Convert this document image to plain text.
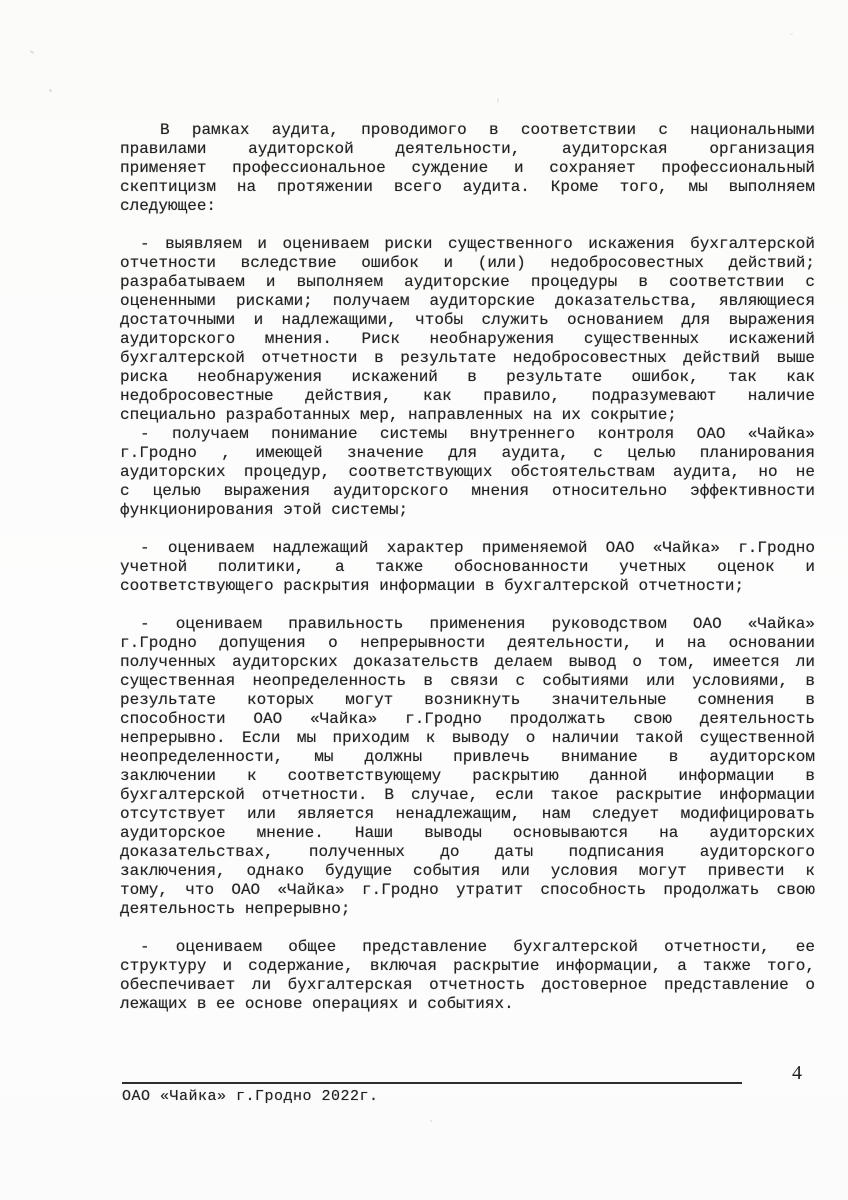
В рамках аудита, проводимого в соответствии с национальными
правилами аудиторской деятельности, аудиторская организация
применяет профессиональное суждение и сохраняет профессиональный
скептицизм на протяжении всего аудита. Кроме того, мы выполняем
следующее:
- выявляем и оцениваем риски существенного искажения бухгалтерской
отчетности вследствие ошибок и (или) недобросовестных действий;
разрабатываем и выполняем аудиторские процедуры в соответствии с
оцененными рисками; получаем аудиторские доказательства, являющиеся
достаточными и надлежащими, чтобы служить основанием для выражения
аудиторского мнения. Риск необнаружения существенных искажений
бухгалтерской отчетности в результате недобросовестных действий выше
риска необнаружения искажений в результате ошибок, так как
недобросовестные действия, как правило, подразумевают наличие
специально разработанных мер, направленных на их сокрытие;
- получаем понимание системы внутреннего контроля ОАО «Чайка»
г.Гродно , имеющей значение для аудита, с целью планирования
аудиторских процедур, соответствующих обстоятельствам аудита, но не
с целью выражения аудиторского мнения относительно эффективности
функционирования этой системы;
- оцениваем надлежащий характер применяемой ОАО «Чайка» г.Гродно
учетной политики, а также обоснованности учетных оценок и
соответствующего раскрытия информации в бухгалтерской отчетности;
- оцениваем правильность применения руководством ОАО «Чайка»
г.Гродно допущения о непрерывности деятельности, и на основании
полученных аудиторских доказательств делаем вывод о том, имеется ли
существенная неопределенность в связи с событиями или условиями, в
результате которых могут возникнуть значительные сомнения в
способности ОАО «Чайка» г.Гродно продолжать свою деятельность
непрерывно. Если мы приходим к выводу о наличии такой существенной
неопределенности, мы должны привлечь внимание в аудиторском
заключении к соответствующему раскрытию данной информации в
бухгалтерской отчетности. В случае, если такое раскрытие информации
отсутствует или является ненадлежащим, нам следует модифицировать
аудиторское мнение. Наши выводы основываются на аудиторских
доказательствах, полученных до даты подписания аудиторского
заключения, однако будущие события или условия могут привести к
тому, что ОАО «Чайка» г.Гродно утратит способность продолжать свою
деятельность непрерывно;
- оцениваем общее представление бухгалтерской отчетности, ее
структуру и содержание, включая раскрытие информации, а также того,
обеспечивает ли бухгалтерская отчетность достоверное представление о
лежащих в ее основе операциях и событиях.
4
ОАО «Чайка» г.Гродно 2022г.
